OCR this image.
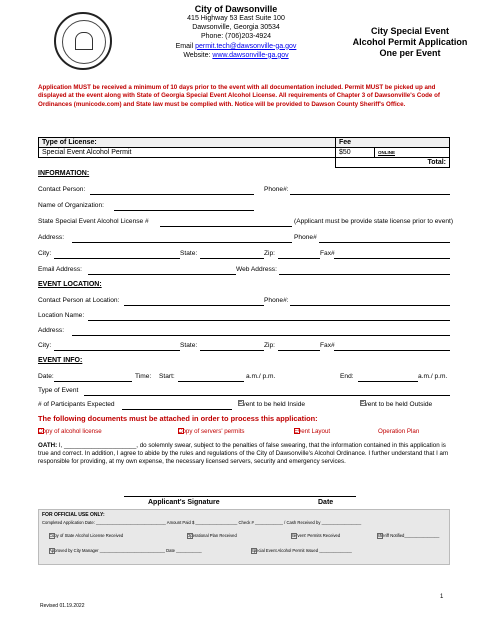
City of Dawsonville
415 Highway 53 East Suite 100
Dawsonville, Georgia 30534
Phone: (706)203-4924
Email permit.tech@dawsonville-ga.gov
Website: www.dawsonville-ga.gov
City Special Event
Alcohol Permit Application
One per Event
Application MUST be received a minimum of 10 days prior to the event with all documentation included. Permit MUST be picked up and displayed at the event along with State of Georgia Special Event Alcohol License. All requirements of Chapter 3 of Dawsonville's Code of Ordinances (municode.com) and State law must be complied with. Notice will be provided to Dawson County Sheriff's Office.
Type of License:	Fee	
Special Event Alcohol Permit	$50	ONLINE
	Total:	
INFORMATION:
Contact Person:	Phone#:
Name of Organization:
State Special Event Alcohol License #	(Applicant must be provide state license prior to event)
Address:	Phone#
City:	State:	Zip:	Fax#
Email Address:	Web Address:
EVENT LOCATION:
Contact Person at Location:	Phone#:
Location Name:
Address:
City:	State:	Zip:	Fax#
EVENT INFO:
Date:	Time: Start:	a.m./ p.m.	End:	a.m./ p.m.
Type of Event
# of Participants Expected	Event to be held Inside	Event to be held Outside
The following documents must be attached in order to process this application:
Copy of alcohol license	Copy of servers' permits	Event Layout	Operation Plan
OATH: I, _____________________, do solemnly swear, subject to the penalties of false swearing, that the information contained in this application is true and correct. In addition, I agree to abide by the rules and regulations of the City of Dawsonville's Alcohol Ordinance. I further understand that I am responsible for providing, at my own expense, the necessary licensed servers, security and emergency services.
Applicant's Signature	Date
FOR OFFICIAL USE ONLY:
Completed Application Date: ______________________________ Amount Paid $ __________________ Check # ____________ / Cash Received by _________________
Copy of State Alcohol License Received	Operational Plan Received	Servers' Permits Received	Sheriff Notified_______________
Approved by City Manager ____________________________ Date ___________	Special Event Alcohol Permit Issued ______________
Revised 01.19.2022
1
